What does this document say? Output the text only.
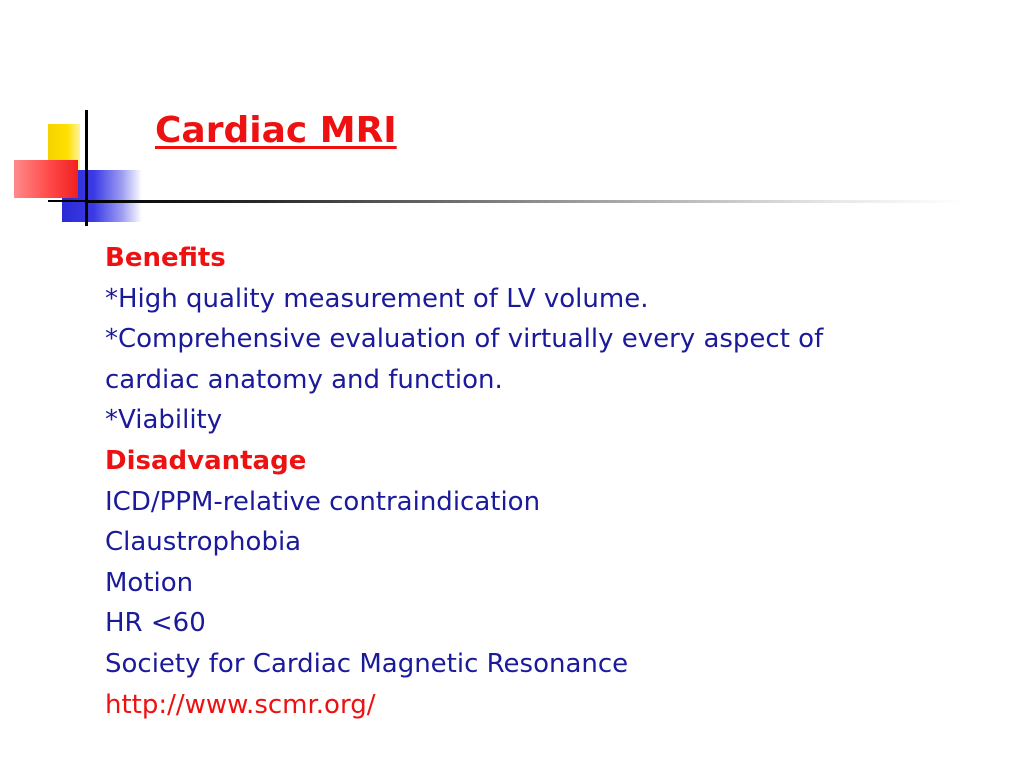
Cardiac MRI
Benefits
*High quality measurement of LV volume.
*Comprehensive evaluation of virtually every aspect of
cardiac anatomy and function.
*Viability
Disadvantage
ICD/PPM-relative contraindication
Claustrophobia
Motion
HR <60
Society for Cardiac Magnetic Resonance
http://www.scmr.org/
